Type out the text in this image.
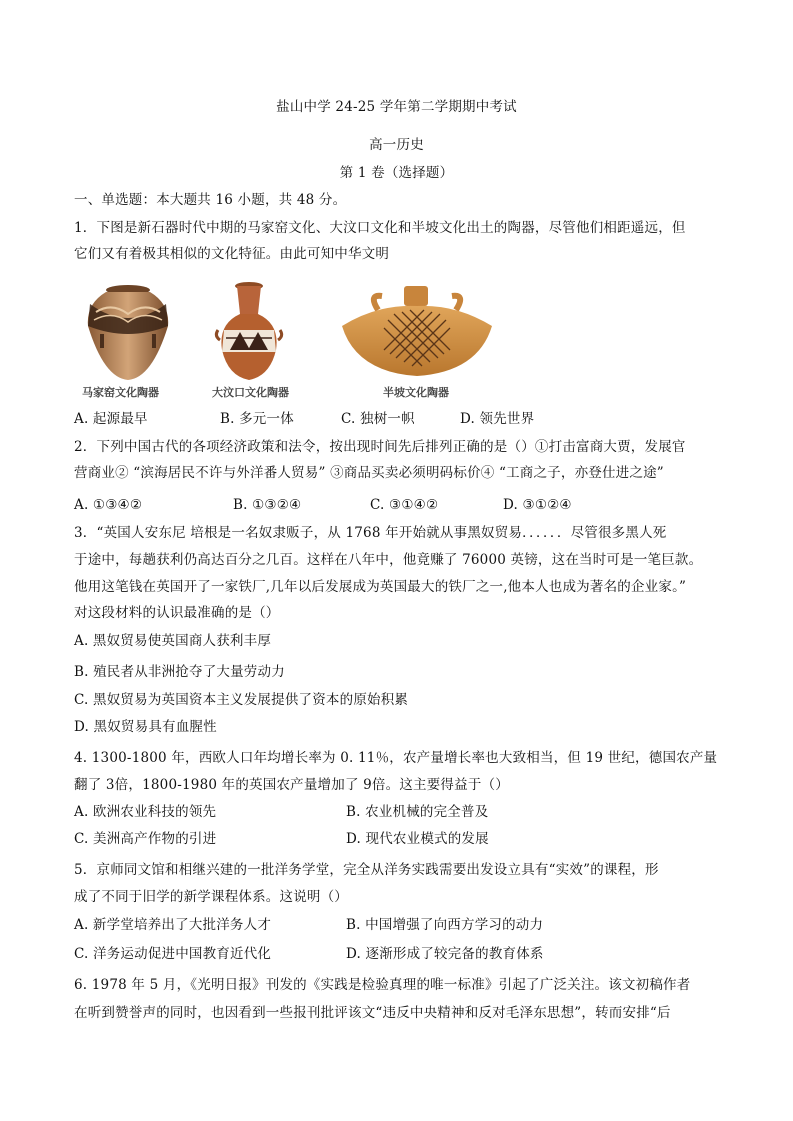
盐山中学 24-25 学年第二学期期中考试
高一历史
第 1 卷（选择题）
一、单选题：本大题共 16 小题，共 48 分。
1．下图是新石器时代中期的马家窑文化、大汶口文化和半坡文化出土的陶器，尽管他们相距遥远，但
它们又有着极其相似的文化特征。由此可知中华文明
马家窑文化陶器	大汶口文化陶器	半坡文化陶器
A. 起源最早	B. 多元一体	C. 独树一帜	D. 领先世界
2．下列中国古代的各项经济政策和法令，按出现时间先后排列正确的是（）①打击富商大贾，发展官
营商业② “滨海居民不许与外洋番人贸易” ③商品买卖必须明码标价④ “工商之子，亦登仕进之途”
A. ①③④②	B. ①③②④	C. ③①④②	D. ③①②④
3．“英国人安东尼 培根是一名奴隶贩子，从 1768 年开始就从事黑奴贸易．．．．．．尽管很多黑人死
于途中，每趟获利仍高达百分之几百。这样在八年中，他竟赚了 76000 英镑，这在当时可是一笔巨款。
他用这笔钱在英国开了一家铁厂,几年以后发展成为英国最大的铁厂之一,他本人也成为著名的企业家。”
对这段材料的认识最准确的是（）
A. 黑奴贸易使英国商人获利丰厚
B. 殖民者从非洲抢夺了大量劳动力
C. 黑奴贸易为英国资本主义发展提供了资本的原始积累
D. 黑奴贸易具有血腥性
4. 1300-1800 年，西欧人口年均增长率为 0. 11％，农产量增长率也大致相当，但 19 世纪，德国农产量
翻了 3倍，1800-1980 年的英国农产量增加了 9倍。这主要得益于（）
A. 欧洲农业科技的领先	B. 农业机械的完全普及
C. 美洲高产作物的引进	D. 现代农业模式的发展
5．京师同文馆和相继兴建的一批洋务学堂，完全从洋务实践需要出发设立具有“实效”的课程，形
成了不同于旧学的新学课程体系。这说明（）
A. 新学堂培养出了大批洋务人才	B. 中国增强了向西方学习的动力
C. 洋务运动促进中国教育近代化	D. 逐渐形成了较完备的教育体系
6. 1978 年 5 月，《光明日报》刊发的《实践是检验真理的唯一标准》引起了广泛关注。该文初稿作者
在听到赞誉声的同时，也因看到一些报刊批评该文“违反中央精神和反对毛泽东思想”，转而安排“后
